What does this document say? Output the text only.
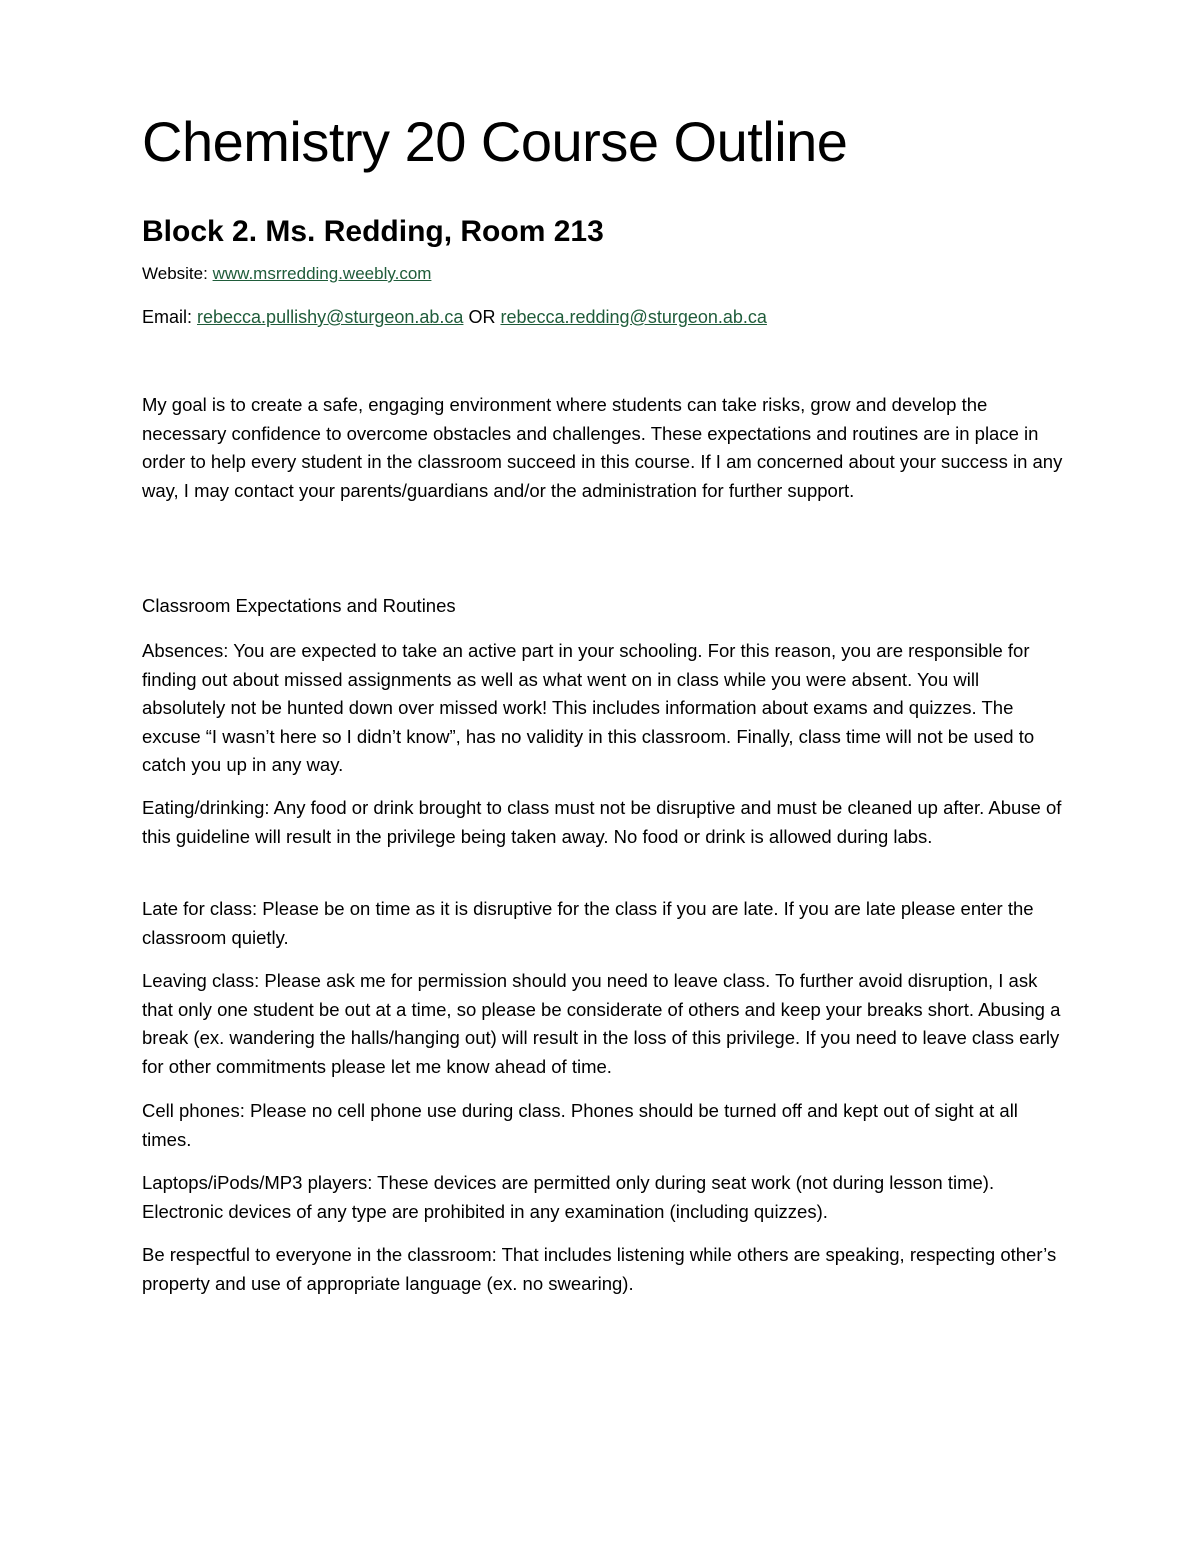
Chemistry 20 Course Outline
Block 2. Ms. Redding, Room 213

Website: www.msrredding.weebly.com

Email: rebecca.pullishy@sturgeon.ab.ca OR rebecca.redding@sturgeon.ab.ca

My goal is to create a safe, engaging environment where students can take risks, grow and develop the necessary confidence to overcome obstacles and challenges. These expectations and routines are in place in order to help every student in the classroom succeed in this course. If I am concerned about your success in any way, I may contact your parents/guardians and/or the administration for further support.

Classroom Expectations and Routines

Absences: You are expected to take an active part in your schooling. For this reason, you are responsible for finding out about missed assignments as well as what went on in class while you were absent. You will absolutely not be hunted down over missed work! This includes information about exams and quizzes. The excuse “I wasn’t here so I didn’t know”, has no validity in this classroom. Finally, class time will not be used to catch you up in any way.

Eating/drinking: Any food or drink brought to class must not be disruptive and must be cleaned up after. Abuse of this guideline will result in the privilege being taken away. No food or drink is allowed during labs.

Late for class: Please be on time as it is disruptive for the class if you are late. If you are late please enter the classroom quietly.

Leaving class: Please ask me for permission should you need to leave class. To further avoid disruption, I ask that only one student be out at a time, so please be considerate of others and keep your breaks short. Abusing a break (ex. wandering the halls/hanging out) will result in the loss of this privilege. If you need to leave class early for other commitments please let me know ahead of time.

Cell phones: Please no cell phone use during class. Phones should be turned off and kept out of sight at all times.

Laptops/iPods/MP3 players: These devices are permitted only during seat work (not during lesson time). Electronic devices of any type are prohibited in any examination (including quizzes).

Be respectful to everyone in the classroom: That includes listening while others are speaking, respecting other’s property and use of appropriate language (ex. no swearing).
